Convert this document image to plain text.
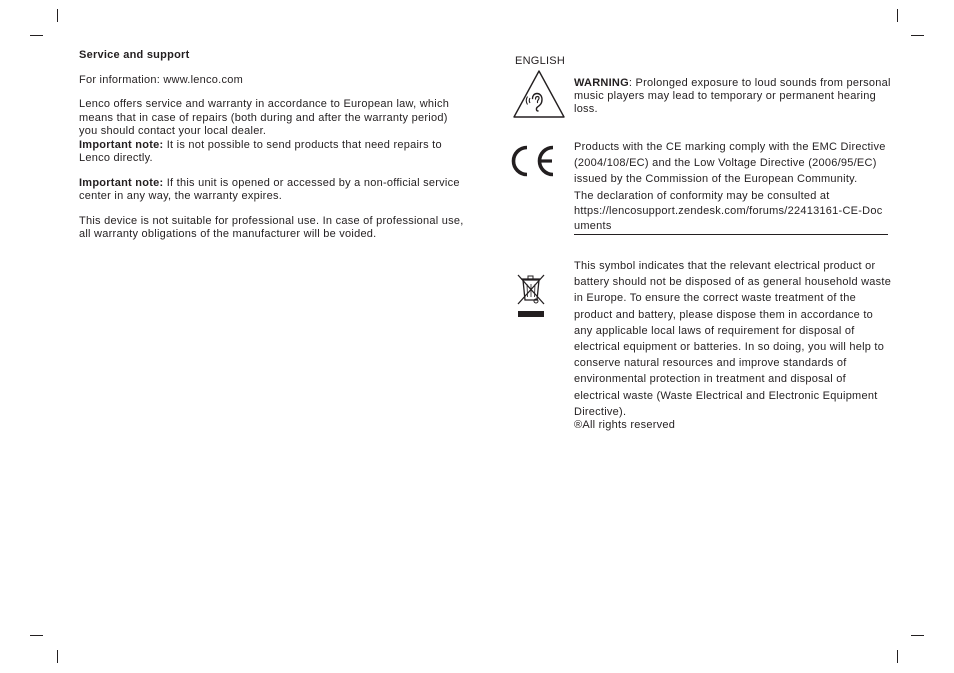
Service and support

For information: www.lenco.com

Lenco offers service and warranty in accordance to European law, which means that in case of repairs (both during and after the warranty period) you should contact your local dealer.

Important note: It is not possible to send products that need repairs to Lenco directly.

Important note: If this unit is opened or accessed by a non-official service center in any way, the warranty expires.

This device is not suitable for professional use. In case of professional use, all warranty obligations of the manufacturer will be voided.

ENGLISH
WARNING: Prolonged exposure to loud sounds from personal music players may lead to temporary or permanent hearing loss.
Products with the CE marking comply with the EMC Directive (2004/108/EC) and the Low Voltage Directive (2006/95/EC) issued by the Commission of the European Community.
The declaration of conformity may be consulted at
https://lencosupport.zendesk.com/forums/22413161-CE-Documents
This symbol indicates that the relevant electrical product or battery should not be disposed of as general household waste in Europe. To ensure the correct waste treatment of the product and battery, please dispose them in accordance to any applicable local laws of requirement for disposal of electrical equipment or batteries. In so doing, you will help to conserve natural resources and improve standards of environmental protection in treatment and disposal of electrical waste (Waste Electrical and Electronic Equipment Directive).
®All rights reserved
